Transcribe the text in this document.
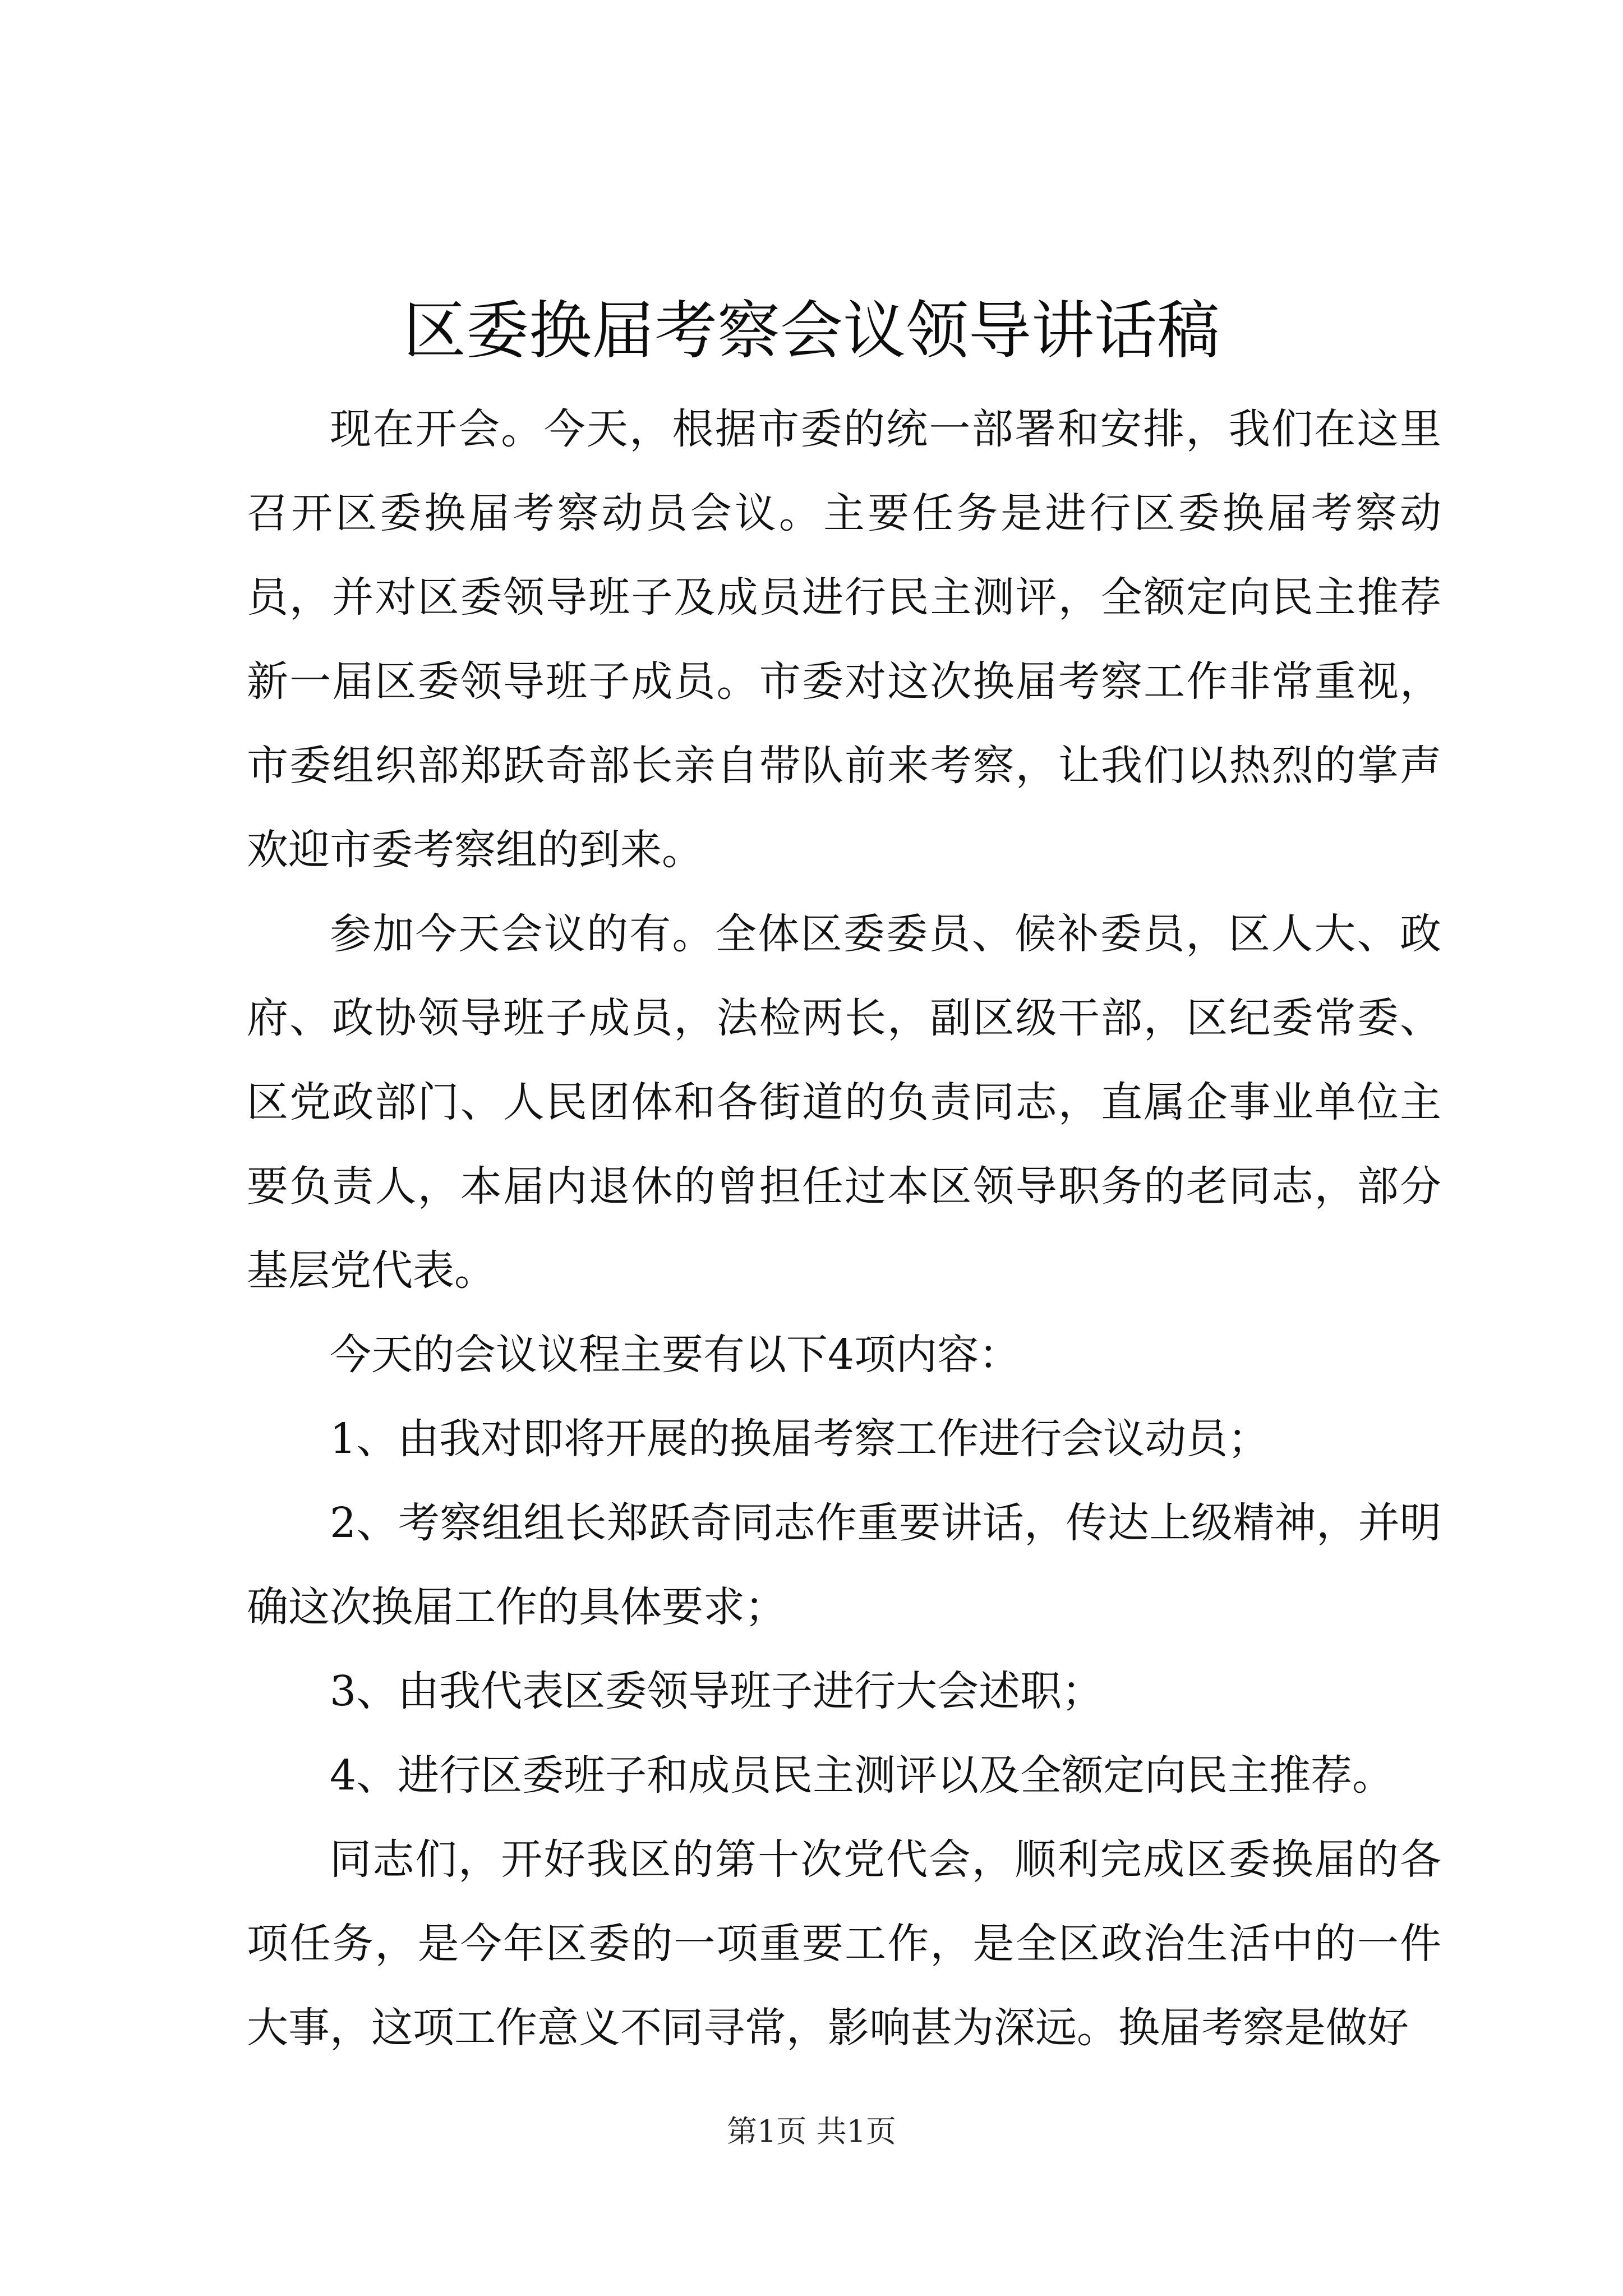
区委换届考察会议领导讲话稿

现在开会。今天，根据市委的统一部署和安排，我们在这里召开区委换届考察动员会议。主要任务是进行区委换届考察动员，并对区委领导班子及成员进行民主测评，全额定向民主推荐新一届区委领导班子成员。市委对这次换届考察工作非常重视，市委组织部郑跃奇部长亲自带队前来考察，让我们以热烈的掌声欢迎市委考察组的到来。

参加今天会议的有。全体区委委员、候补委员，区人大、政府、政协领导班子成员，法检两长，副区级干部，区纪委常委、区党政部门、人民团体和各街道的负责同志，直属企事业单位主要负责人，本届内退休的曾担任过本区领导职务的老同志，部分基层党代表。

今天的会议议程主要有以下4项内容：

1、由我对即将开展的换届考察工作进行会议动员；

2、考察组组长郑跃奇同志作重要讲话，传达上级精神，并明确这次换届工作的具体要求；

3、由我代表区委领导班子进行大会述职；

4、进行区委班子和成员民主测评以及全额定向民主推荐。

同志们，开好我区的第十次党代会，顺利完成区委换届的各项任务，是今年区委的一项重要工作，是全区政治生活中的一件大事，这项工作意义不同寻常，影响甚为深远。换届考察是做好

第1页 共1页
